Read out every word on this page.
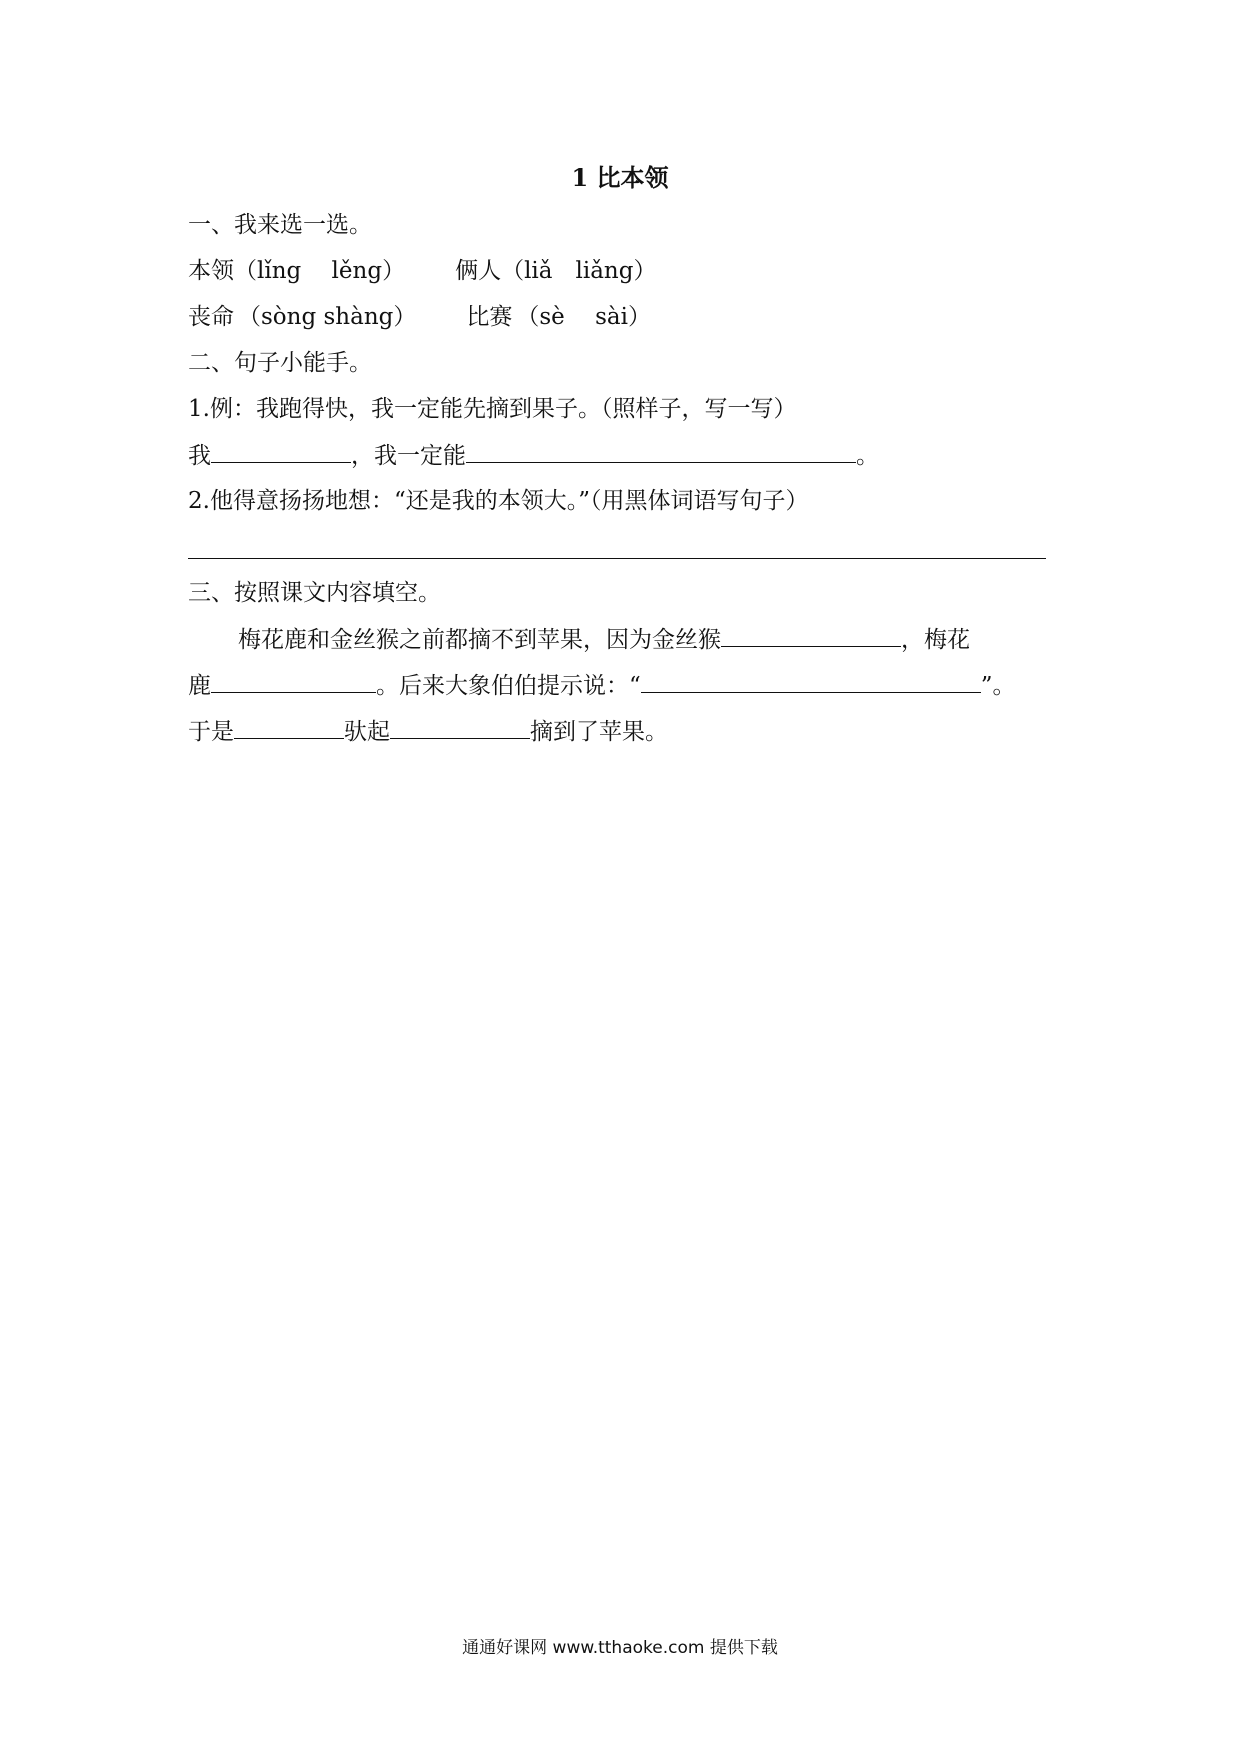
1 比本领
一、我来选一选。
本领（lǐng　 lěng） 俩人（liǎ　liǎng）
丧命 （sòng shàng） 比赛 （sè　 sài）
二、句子小能手。
1.例：我跑得快，我一定能先摘到果子。（照样子，写一写）
我	，我一定能	。
2.他得意扬扬地想：“还是我的本领大。”（用黑体词语写句子）
三、按照课文内容填空。
梅花鹿和金丝猴之前都摘不到苹果，因为金丝猴	，梅花
鹿	。后来大象伯伯提示说：“	”。
于是	驮起	摘到了苹果。
通通好课网 www.tthaoke.com 提供下载
